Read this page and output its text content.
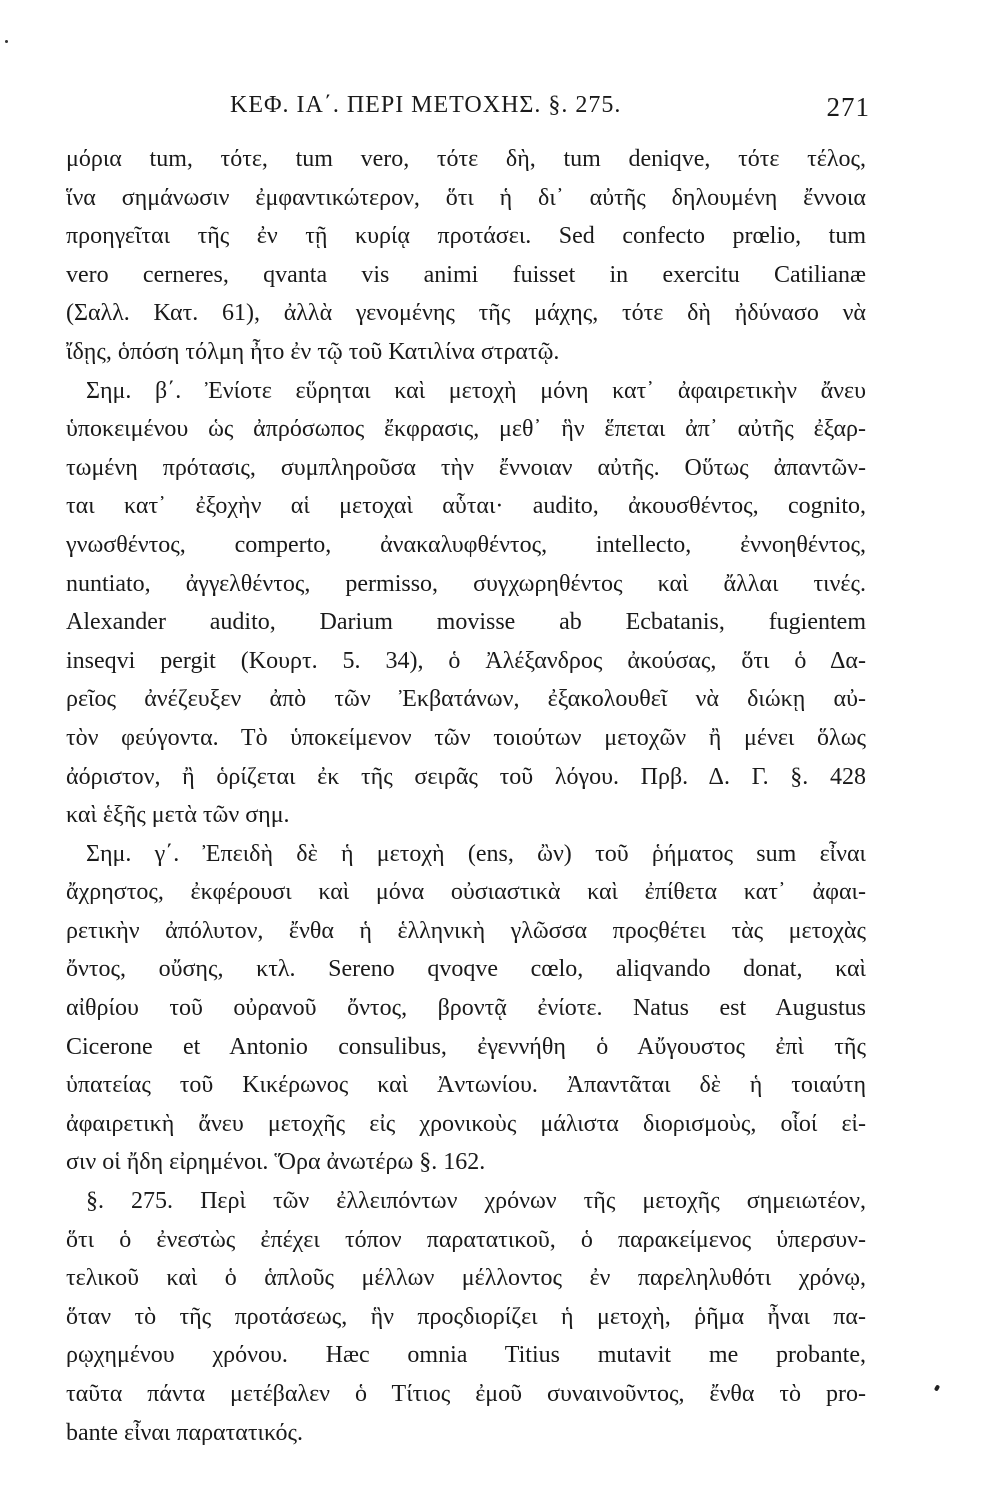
ΚΕΦ. ΙΑ΄. ΠΕΡΙ ΜΕΤΟΧΗΣ. §. 275.	271
μόρια tum, τότε, tum vero, τότε δὴ, tum deniqve, τότε τέλος,
ἵνα σημάνωσιν ἐμφαντικώτερον, ὅτι ἡ δι᾽ αὐτῆς δηλουμένη ἔννοια
προηγεῖται τῆς ἐν τῇ κυρίᾳ προτάσει. Sed confecto prœlio, tum
vero cerneres, qvanta vis animi fuisset in exercitu Catilianæ
(Σαλλ. Κατ. 61), ἀλλὰ γενομένης τῆς μάχης, τότε δὴ ἠδύνασο νὰ
ἴδῃς, ὁπόση τόλμη ἦτο ἐν τῷ τοῦ Κατιλίνα στρατῷ.
Σημ. β΄. Ἐνίοτε εὕρηται καὶ μετοχὴ μόνη κατ᾽ ἀφαιρετικὴν ἄνευ
ὑποκειμένου ὡς ἀπρόσωπος ἔκφρασις, μεθ᾽ ἣν ἕπεται ἀπ᾽ αὐτῆς ἐξαρ-
τωμένη πρότασις, συμπληροῦσα τὴν ἔννοιαν αὐτῆς. Οὕτως ἀπαντῶν-
ται κατ᾽ ἐξοχὴν αἱ μετοχαὶ αὗται· audito, ἀκουσθέντος, cognito,
γνωσθέντος, comperto, ἀνακαλυφθέντος, intellecto, ἐννοηθέντος,
nuntiato, ἀγγελθέντος, permisso, συγχωρηθέντος καὶ ἄλλαι τινές.
Alexander audito, Darium movisse ab Ecbatanis, fugientem
inseqvi pergit (Κουρτ. 5. 34), ὁ Ἀλέξανδρος ἀκούσας, ὅτι ὁ Δα-
ρεῖος ἀνέζευξεν ἀπὸ τῶν Ἐκβατάνων, ἐξακολουθεῖ νὰ διώκῃ αὐ-
τὸν φεύγοντα. Τὸ ὑποκείμενον τῶν τοιούτων μετοχῶν ἢ μένει ὅλως
ἀόριστον, ἢ ὁρίζεται ἐκ τῆς σειρᾶς τοῦ λόγου. Πρβ. Δ. Γ. §. 428
καὶ ἑξῆς μετὰ τῶν σημ.
Σημ. γ΄. Ἐπειδὴ δὲ ἡ μετοχὴ (ens, ὢν) τοῦ ῥήματος sum εἶναι
ἄχρηστος, ἐκφέρουσι καὶ μόνα οὐσιαστικὰ καὶ ἐπίθετα κατ᾽ ἀφαι-
ρετικὴν ἀπόλυτον, ἔνθα ἡ ἑλληνικὴ γλῶσσα προςθέτει τὰς μετοχὰς
ὄντος, οὔσης, κτλ. Sereno qvoqve cœlo, aliqvando donat, καὶ
αἰθρίου τοῦ οὐρανοῦ ὄντος, βροντᾷ ἐνίοτε. Natus est Augustus
Cicerone et Antonio consulibus, ἐγεννήθη ὁ Αὔγουστος ἐπὶ τῆς
ὑπατείας τοῦ Κικέρωνος καὶ Ἀντωνίου. Ἀπαντᾶται δὲ ἡ τοιαύτη
ἀφαιρετικὴ ἄνευ μετοχῆς εἰς χρονικοὺς μάλιστα διορισμοὺς, οἷοί εἰ-
σιν οἱ ἤδη εἰρημένοι. Ὅρα ἀνωτέρω §. 162.
§. 275. Περὶ τῶν ἐλλειπόντων χρόνων τῆς μετοχῆς σημειωτέον,
ὅτι ὁ ἐνεστὼς ἐπέχει τόπον παρατατικοῦ, ὁ παρακείμενος ὑπερσυν-
τελικοῦ καὶ ὁ ἁπλοῦς μέλλων μέλλοντος ἐν παρεληλυθότι χρόνῳ,
ὅταν τὸ τῆς προτάσεως, ἣν προςδιορίζει ἡ μετοχὴ, ῥῆμα ἦναι πα-
ρῳχημένου χρόνου. Hæc omnia Titius mutavit me probante,
ταῦτα πάντα μετέβαλεν ὁ Τίτιος ἐμοῦ συναινοῦντος, ἔνθα τὸ pro-
bante εἶναι παρατατικός.
